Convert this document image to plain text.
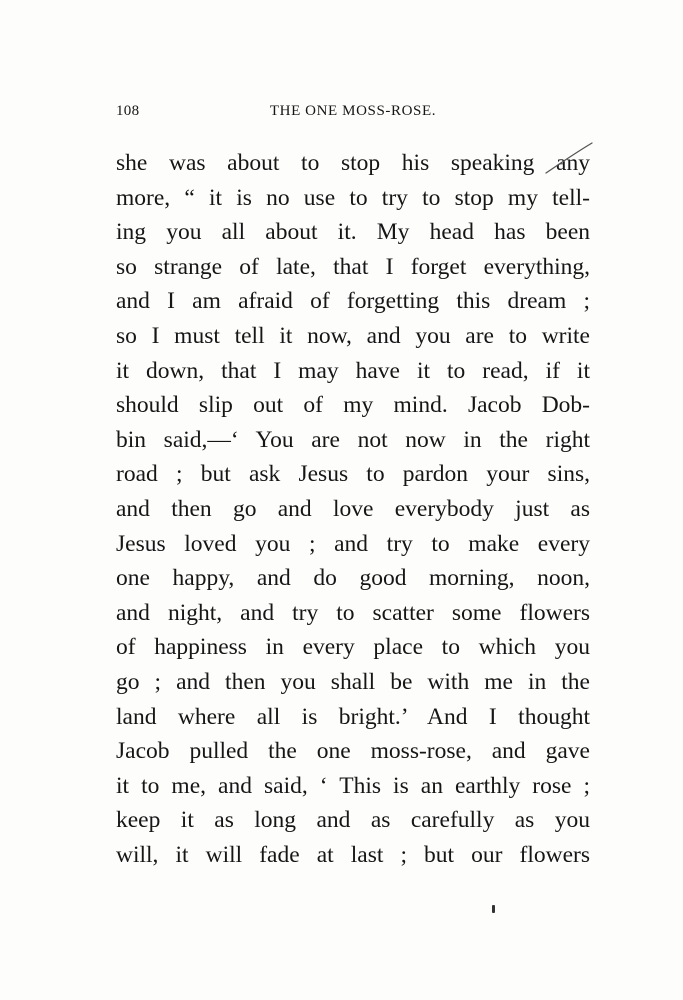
108	THE ONE MOSS-ROSE.
she was about to stop his speaking any
more, “ it is no use to try to stop my tell-
ing you all about it. My head has been
so strange of late, that I forget everything,
and I am afraid of forgetting this dream ;
so I must tell it now, and you are to write
it down, that I may have it to read, if it
should slip out of my mind. Jacob Dob-
bin said,—‘ You are not now in the right
road ; but ask Jesus to pardon your sins,
and then go and love everybody just as
Jesus loved you ; and try to make every
one happy, and do good morning, noon,
and night, and try to scatter some flowers
of happiness in every place to which you
go ; and then you shall be with me in the
land where all is bright.’ And I thought
Jacob pulled the one moss-rose, and gave
it to me, and said, ‘ This is an earthly rose ;
keep it as long and as carefully as you
will, it will fade at last ; but our flowers
